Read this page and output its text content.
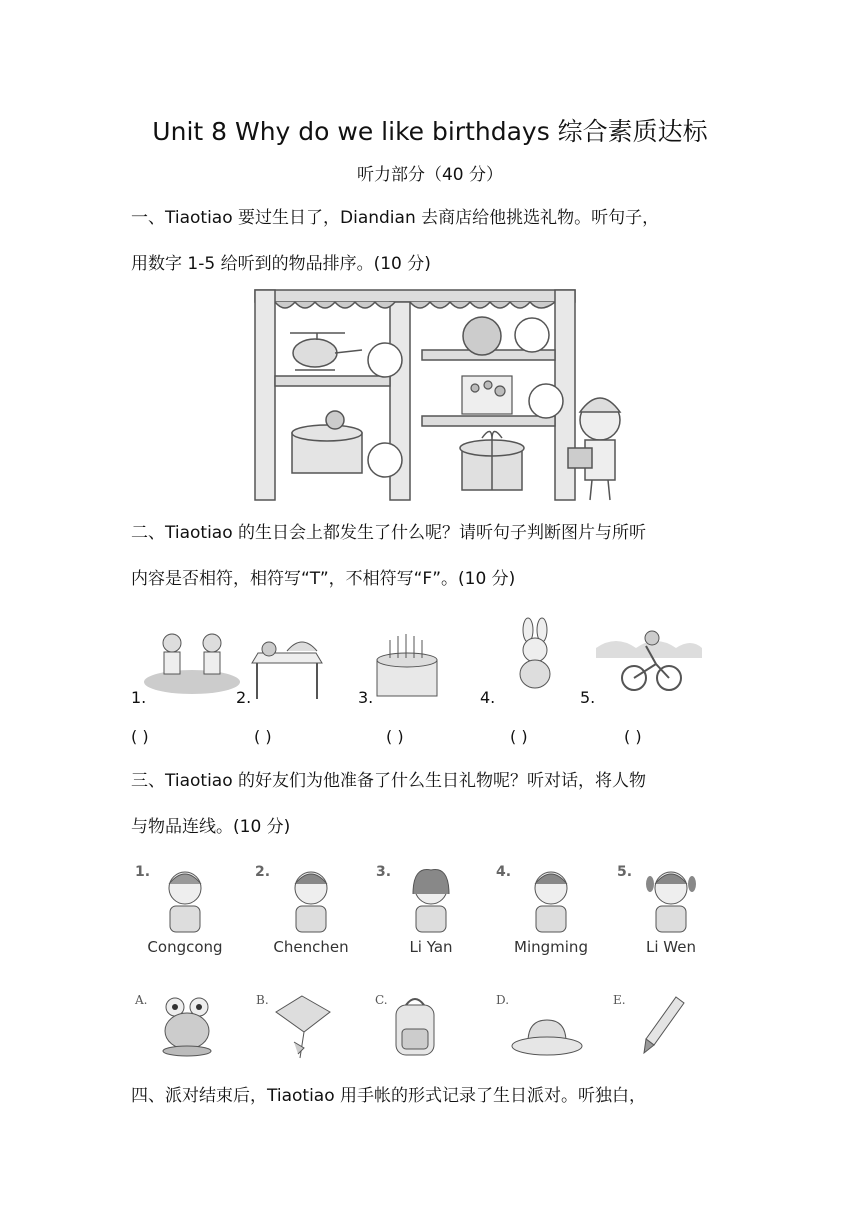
Unit 8 Why do we like birthdays 综合素质达标
听力部分（40 分）
一、Tiaotiao 要过生日了，Diandian 去商店给他挑选礼物。听句子，
用数字 1-5 给听到的物品排序。(10 分)
二、Tiaotiao 的生日会上都发生了什么呢？请听句子判断图片与所听
内容是否相符，相符写“T”，不相符写“F”。(10 分)
1.	2.	3.	4.	5.
( )	( )	( )	( )	( )
三、Tiaotiao 的好友们为他准备了什么生日礼物呢？听对话，将人物
与物品连线。(10 分)
1.	2.	3.	4.	5.
Congcong	Chenchen	Li Yan	Mingming	Li Wen
A.	B.	C.	D.	E.
四、派对结束后，Tiaotiao 用手帐的形式记录了生日派对。听独白，
